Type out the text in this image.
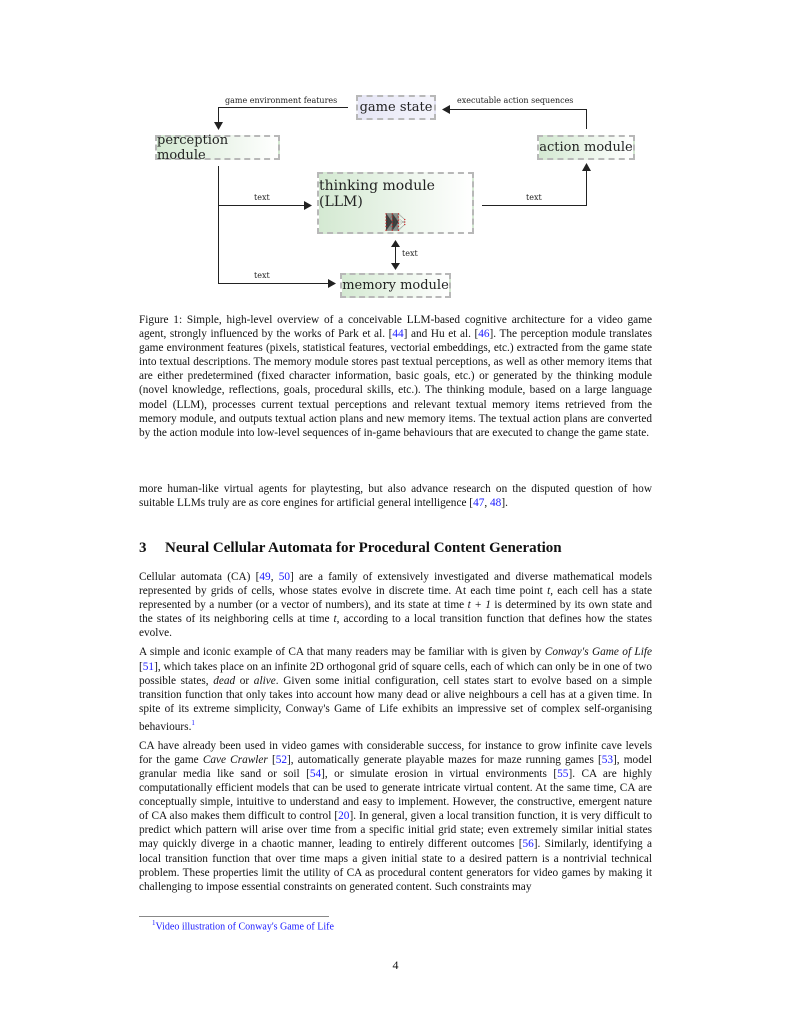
game state
perception module	action module
thinking module (LLM)
memory module
game environment features	executable action sequences
text
text
text
text
Figure 1: Simple, high-level overview of a conceivable LLM-based cognitive architecture for a video game agent, strongly influenced by the works of Park et al. [44] and Hu et al. [46]. The perception module translates game environment features (pixels, statistical features, vectorial embeddings, etc.) extracted from the game state into textual descriptions. The memory module stores past textual perceptions, as well as other memory items that are either predetermined (fixed character information, basic goals, etc.) or generated by the thinking module (novel knowledge, reflections, goals, procedural skills, etc.). The thinking module, based on a large language model (LLM), processes current textual perceptions and relevant textual memory items retrieved from the memory module, and outputs textual action plans and new memory items. The textual action plans are converted by the action module into low-level sequences of in-game behaviours that are executed to change the game state.

more human-like virtual agents for playtesting, but also advance research on the disputed question of how suitable LLMs truly are as core engines for artificial general intelligence [47, 48].

3 Neural Cellular Automata for Procedural Content Generation

Cellular automata (CA) [49, 50] are a family of extensively investigated and diverse mathematical models represented by grids of cells, whose states evolve in discrete time. At each time point t, each cell has a state represented by a number (or a vector of numbers), and its state at time t + 1 is determined by its own state and the states of its neighboring cells at time t, according to a local transition function that defines how the states evolve.

A simple and iconic example of CA that many readers may be familiar with is given by Conway's Game of Life [51], which takes place on an infinite 2D orthogonal grid of square cells, each of which can only be in one of two possible states, dead or alive. Given some initial configuration, cell states start to evolve based on a simple transition function that only takes into account how many dead or alive neighbours a cell has at a given time. In spite of its extreme simplicity, Conway's Game of Life exhibits an impressive set of complex self-organising behaviours.$^1$

CA have already been used in video games with considerable success, for instance to grow infinite cave levels for the game Cave Crawler [52], automatically generate playable mazes for maze running games [53], model granular media like sand or soil [54], or simulate erosion in virtual environments [55]. CA are highly computationally efficient models that can be used to generate intricate virtual content. At the same time, CA are conceptually simple, intuitive to understand and easy to implement. However, the constructive, emergent nature of CA also makes them difficult to control [20]. In general, given a local transition function, it is very difficult to predict which pattern will arise over time from a specific initial grid state; even extremely similar initial states may quickly diverge in a chaotic manner, leading to entirely different outcomes [56]. Similarly, identifying a local transition function that over time maps a given initial state to a desired pattern is a nontrivial technical problem. These properties limit the utility of CA as procedural content generators for video games by making it challenging to impose essential constraints on generated content. Such constraints may

$^1$Video illustration of Conway's Game of Life
4
